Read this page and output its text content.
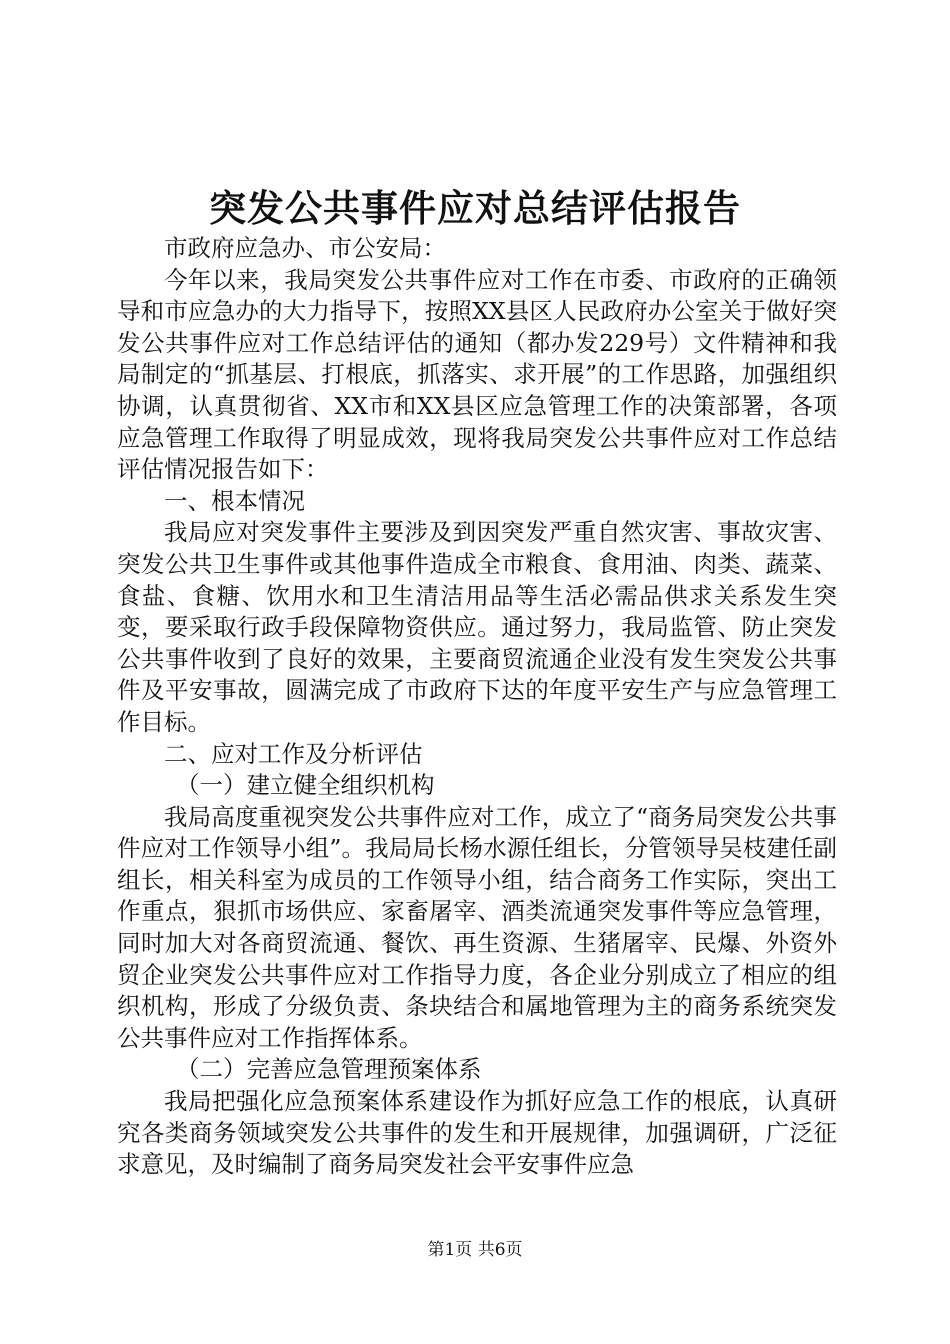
突发公共事件应对总结评估报告

市政府应急办、市公安局：

今年以来，我局突发公共事件应对工作在市委、市政府的正确领导和市应急办的大力指导下，按照XX县区人民政府办公室关于做好突发公共事件应对工作总结评估的通知（都办发229号）文件精神和我局制定的“抓基层、打根底，抓落实、求开展”的工作思路，加强组织协调，认真贯彻省、XX市和XX县区应急管理工作的决策部署，各项应急管理工作取得了明显成效，现将我局突发公共事件应对工作总结评估情况报告如下：

一、根本情况

我局应对突发事件主要涉及到因突发严重自然灾害、事故灾害、突发公共卫生事件或其他事件造成全市粮食、食用油、肉类、蔬菜、食盐、食糖、饮用水和卫生清洁用品等生活必需品供求关系发生突变，要采取行政手段保障物资供应。通过努力，我局监管、防止突发公共事件收到了良好的效果，主要商贸流通企业没有发生突发公共事件及平安事故，圆满完成了市政府下达的年度平安生产与应急管理工作目标。

二、应对工作及分析评估

（一）建立健全组织机构

我局高度重视突发公共事件应对工作，成立了“商务局突发公共事件应对工作领导小组”。我局局长杨水源任组长，分管领导吴枝建任副组长，相关科室为成员的工作领导小组，结合商务工作实际，突出工作重点，狠抓市场供应、家畜屠宰、酒类流通突发事件等应急管理，同时加大对各商贸流通、餐饮、再生资源、生猪屠宰、民爆、外资外贸企业突发公共事件应对工作指导力度，各企业分别成立了相应的组织机构，形成了分级负责、条块结合和属地管理为主的商务系统突发公共事件应对工作指挥体系。

（二）完善应急管理预案体系

我局把强化应急预案体系建设作为抓好应急工作的根底，认真研究各类商务领域突发公共事件的发生和开展规律，加强调研，广泛征求意见，及时编制了商务局突发社会平安事件应急

第1页 共6页
